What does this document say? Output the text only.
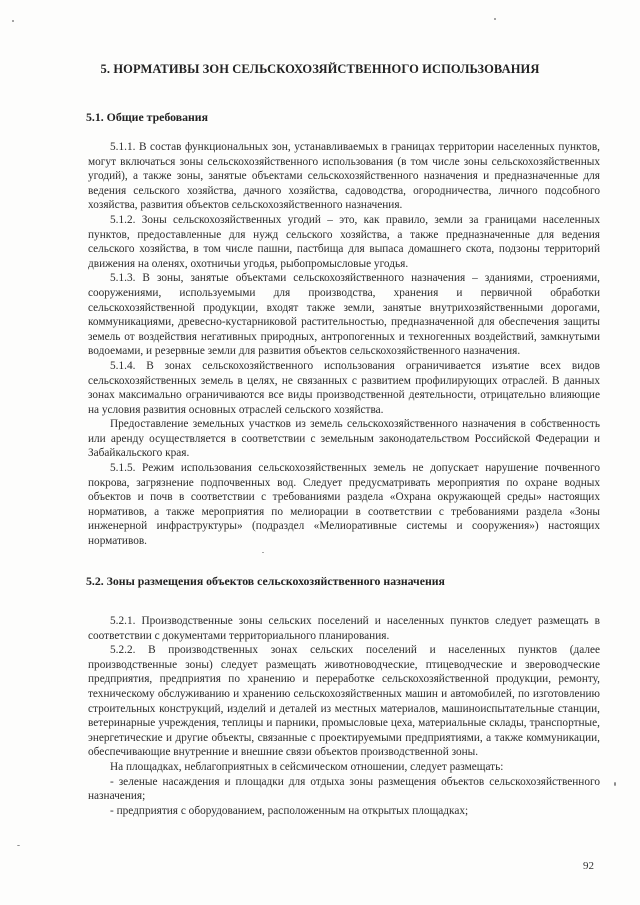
5. НОРМАТИВЫ ЗОН СЕЛЬСКОХОЗЯЙСТВЕННОГО ИСПОЛЬЗОВАНИЯ
5.1. Общие требования

5.1.1. В состав функциональных зон, устанавливаемых в границах территории населенных пунктов, могут включаться зоны сельскохозяйственного использования (в том числе зоны сельскохозяйственных угодий), а также зоны, занятые объектами сельскохозяйственного назначения и предназначенные для ведения сельского хозяйства, дачного хозяйства, садоводства, огородничества, личного подсобного хозяйства, развития объектов сельскохозяйственного назначения.

5.1.2. Зоны сельскохозяйственных угодий – это, как правило, земли за границами населенных пунктов, предоставленные для нужд сельского хозяйства, а также предназначенные для ведения сельского хозяйства, в том числе пашни, пастбища для выпаса домашнего скота, подзоны территорий движения на оленях, охотничьи угодья, рыбопромысловые угодья.

5.1.3. В зоны, занятые объектами сельскохозяйственного назначения – зданиями, строениями, сооружениями, используемыми для производства, хранения и первичной обработки сельскохозяйственной продукции, входят также земли, занятые внутрихозяйственными дорогами, коммуникациями, древесно-кустарниковой растительностью, предназначенной для обеспечения защиты земель от воздействия негативных природных, антропогенных и техногенных воздействий, замкнутыми водоемами, и резервные земли для развития объектов сельскохозяйственного назначения.

5.1.4. В зонах сельскохозяйственного использования ограничивается изъятие всех видов сельскохозяйственных земель в целях, не связанных с развитием профилирующих отраслей. В данных зонах максимально ограничиваются все виды производственной деятельности, отрицательно влияющие на условия развития основных отраслей сельского хозяйства.

Предоставление земельных участков из земель сельскохозяйственного назначения в собственность или аренду осуществляется в соответствии с земельным законодательством Российской Федерации и Забайкальского края.

5.1.5. Режим использования сельскохозяйственных земель не допускает нарушение почвенного покрова, загрязнение подпочвенных вод. Следует предусматривать мероприятия по охране водных объектов и почв в соответствии с требованиями раздела «Охрана окружающей среды» настоящих нормативов, а также мероприятия по мелиорации в соответствии с требованиями раздела «Зоны инженерной инфраструктуры» (подраздел «Мелиоративные системы и сооружения») настоящих нормативов.

5.2. Зоны размещения объектов сельскохозяйственного назначения

5.2.1. Производственные зоны сельских поселений и населенных пунктов следует размещать в соответствии с документами территориального планирования.

5.2.2. В производственных зонах сельских поселений и населенных пунктов (далее производственные зоны) следует размещать животноводческие, птицеводческие и звероводческие предприятия, предприятия по хранению и переработке сельскохозяйственной продукции, ремонту, техническому обслуживанию и хранению сельскохозяйственных машин и автомобилей, по изготовлению строительных конструкций, изделий и деталей из местных материалов, машиноиспытательные станции, ветеринарные учреждения, теплицы и парники, промысловые цеха, материальные склады, транспортные, энергетические и другие объекты, связанные с проектируемыми предприятиями, а также коммуникации, обеспечивающие внутренние и внешние связи объектов производственной зоны.

На площадках, неблагоприятных в сейсмическом отношении, следует размещать:

- зеленые насаждения и площадки для отдыха зоны размещения объектов сельскохозяйственного назначения;

- предприятия с оборудованием, расположенным на открытых площадках;

92
